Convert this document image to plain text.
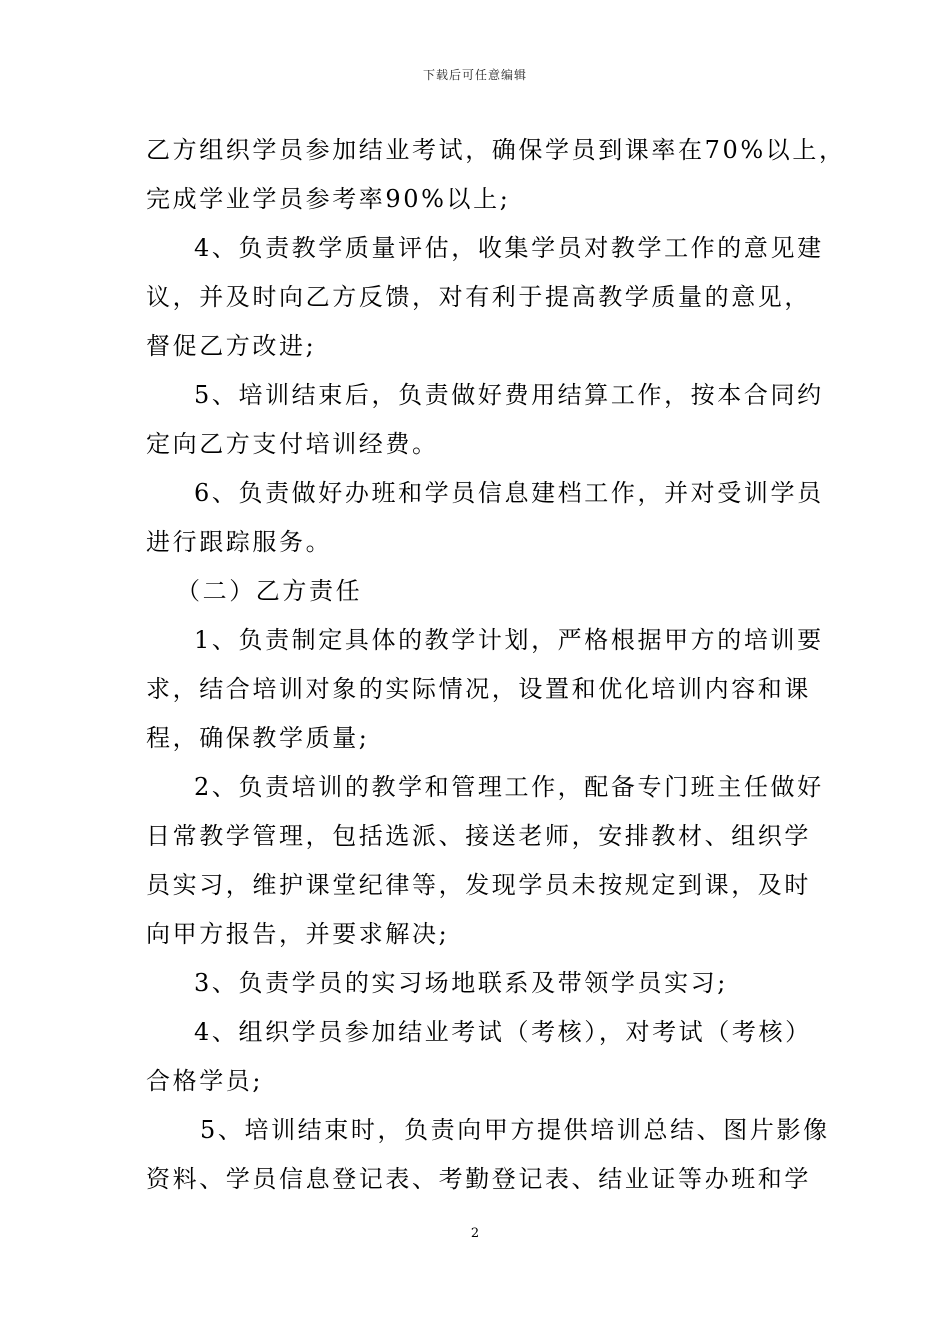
下载后可任意编辑
乙方组织学员参加结业考试，确保学员到课率在70%以上，
完成学业学员参考率90%以上;
4、负责教学质量评估，收集学员对教学工作的意见建
议，并及时向乙方反馈，对有利于提高教学质量的意见，
督促乙方改进;
5、培训结束后，负责做好费用结算工作，按本合同约
定向乙方支付培训经费。
6、负责做好办班和学员信息建档工作，并对受训学员
进行跟踪服务。
（二）乙方责任
1、负责制定具体的教学计划，严格根据甲方的培训要
求，结合培训对象的实际情况，设置和优化培训内容和课
程，确保教学质量;
2、负责培训的教学和管理工作，配备专门班主任做好
日常教学管理，包括选派、接送老师，安排教材、组织学
员实习，维护课堂纪律等，发现学员未按规定到课，及时
向甲方报告，并要求解决;
3、负责学员的实习场地联系及带领学员实习;
4、组织学员参加结业考试（考核），对考试（考核）
合格学员;
5、培训结束时，负责向甲方提供培训总结、图片影像
资料、学员信息登记表、考勤登记表、结业证等办班和学
2
